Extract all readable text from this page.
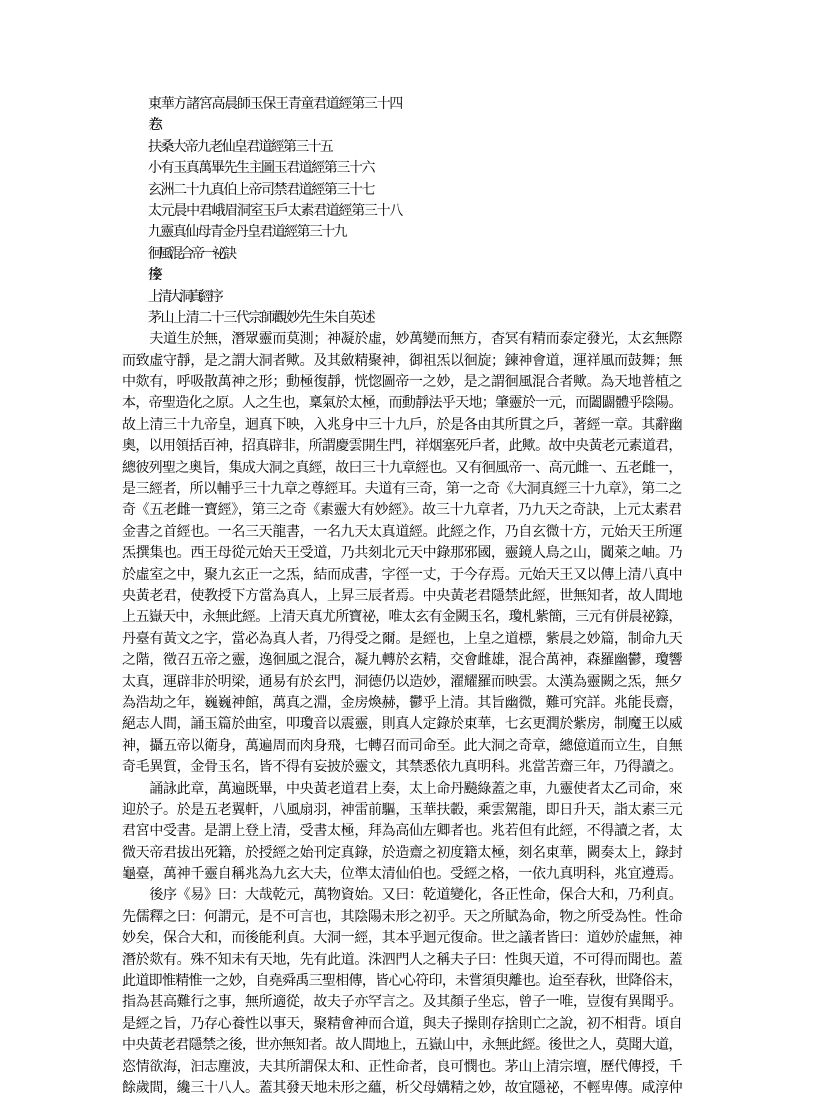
東華方諸宮高晨師玉保王青童君道經第三十四
卷六
扶桑大帝九老仙皇君道經第三十五
小有玉真萬畢先生主圖玉君道經第三十六
玄洲二十九真伯上帝司禁君道經第三十七
太元晨中君峨眉洞室玉戶太素君道經第三十八
九靈真仙母青金丹皇君道經第三十九
徊風混合帝一祕訣
後序
上清大洞真經序
茅山上清二十三代宗師觀妙先生朱自英述
　　夫道生於無，潛眾靈而莫測；神凝於虛，妙萬變而無方，杳冥有精而泰定發光，太玄無際
而致虛守靜，是之謂大洞者歟。及其斂精聚神，御祖炁以徊旋；鍊神會道，運祥風而鼓舞；無
中欻有，呼吸散萬神之形；動極復靜，恍惚圖帝一之妙，是之謂徊風混合者歟。為天地普植之
本，帝聖造化之原。人之生也，稟氣於太極，而動靜法乎天地；肇靈於一元，而闔闢體乎陰陽。
故上清三十九帝皇，迴真下映，入兆身中三十九戶，於是各由其所貫之戶，著經一章。其辭幽
奧，以用領括百神，招真辟非，所謂慶雲開生門，祥烟塞死戶者，此歟。故中央黃老元素道君，
總彼列聖之奧旨，集成大洞之真經，故曰三十九章經也。又有徊風帝一、高元雌一、五老雌一，
是三經者，所以輔乎三十九章之尊經耳。夫道有三奇，第一之奇《大洞真經三十九章》，第二之
奇《五老雌一寶經》，第三之奇《素靈大有妙經》。故三十九章者，乃九天之奇訣，上元太素君
金書之首經也。一名三天龍書，一名九天太真道經。此經之作，乃自玄微十方，元始天王所運
炁撰集也。西王母從元始天王受道，乃共刻北元天中錄那邪國，靈鏡人鳥之山，闐萊之岫。乃
於虛室之中，聚九玄正一之炁，結而成書，字徑一丈，于今存焉。元始天王又以傳上清八真中
央黃老君，使教授下方當為真人，上昇三辰者焉。中央黃老君隱禁此經，世無知者，故人間地
上五嶽天中，永無此經。上清天真尤所寶祕，唯太玄有金闕玉名，瓊札紫簡，三元有併晨祕籙，
丹臺有黃文之字，當必為真人者，乃得受之爾。是經也，上皇之道標，紫晨之妙篇，制命九天
之階，徵召五帝之靈，逸徊風之混合，凝九轉於玄精，交會雌雄，混合萬神，森羅幽鬱，瓊響
太真，運辟非於明梁，通易有於玄門，洞德仍以造妙，濯耀羅而映雲。太漢為靈闕之炁，無夕
為浩劫之年，巍巍神館，萬真之淵，金房煥赫，鬱乎上清。其旨幽微，難可究詳。兆能長齋，
絕志人間，誦玉篇於曲室，叩瓊音以震靈，則真人定錄於東華，七玄更潤於紫房，制魔王以威
神，攝五帝以衛身，萬遍周而肉身飛，七轉召而司命至。此大洞之奇章，總億道而立生，自無
奇毛異質，金骨玉名，皆不得有妄披於靈文，其禁悉依九真明科。兆當苦齋三年，乃得讀之。
　　誦詠此章，萬遍既畢，中央黃老道君上奏，太上命丹飈綠蓋之車，九靈使者太乙司命，來
迎於子。於是五老翼軒，八風扇羽，神雷前驅，玉華扶轂，乘雲駕龍，即日升天，詣太素三元
君宮中受書。是謂上登上清，受書太極，拜為高仙左卿者也。兆若但有此經，不得讀之者，太
微天帝君拔出死籍，於授經之始刊定真錄，於造齋之初度籍太極，刻名東華，闕奏太上，錄封
龜臺，萬神千靈自稱兆為九玄大夫，位準太清仙伯也。受經之格，一依九真明科，兆宜遵焉。
　　後序《易》曰：大哉乾元，萬物資始。又曰：乾道變化，各正性命，保合大和，乃利貞。
先儒釋之曰：何謂元，是不可言也，其陰陽未形之初乎。天之所賦為命，物之所受為性。性命
妙矣，保合大和，而後能利貞。大洞一經，其本乎迴元復命。世之議者皆曰：道妙於虛無，神
潛於欻有。殊不知未有天地，先有此道。洙泗門人之稱夫子曰：性與天道，不可得而聞也。蓋
此道即惟精惟一之妙，自堯舜禹三聖相傳，皆心心符印，未嘗須臾離也。迨至春秋，世降俗末，
指為甚高難行之事，無所適從，故夫子亦罕言之。及其顏子坐忘，曾子一唯，豈復有異聞乎。
是經之旨，乃存心養性以事天，聚精會神而合道，與夫子操則存捨則亡之說，初不相背。頃自
中央黃老君隱禁之後，世亦無知者。故人間地上，五嶽山中，永無此經。後世之人，莫聞大道，
恣情欲海，汩志塵波，夫其所謂保太和、正性命者，良可憫也。茅山上清宗壇，歷代傳授，千
餘歲間，纔三十八人。蓋其發天地未形之蘊，析父母媾精之妙，故宜隱祕，不輕卑傳。咸淳仲
